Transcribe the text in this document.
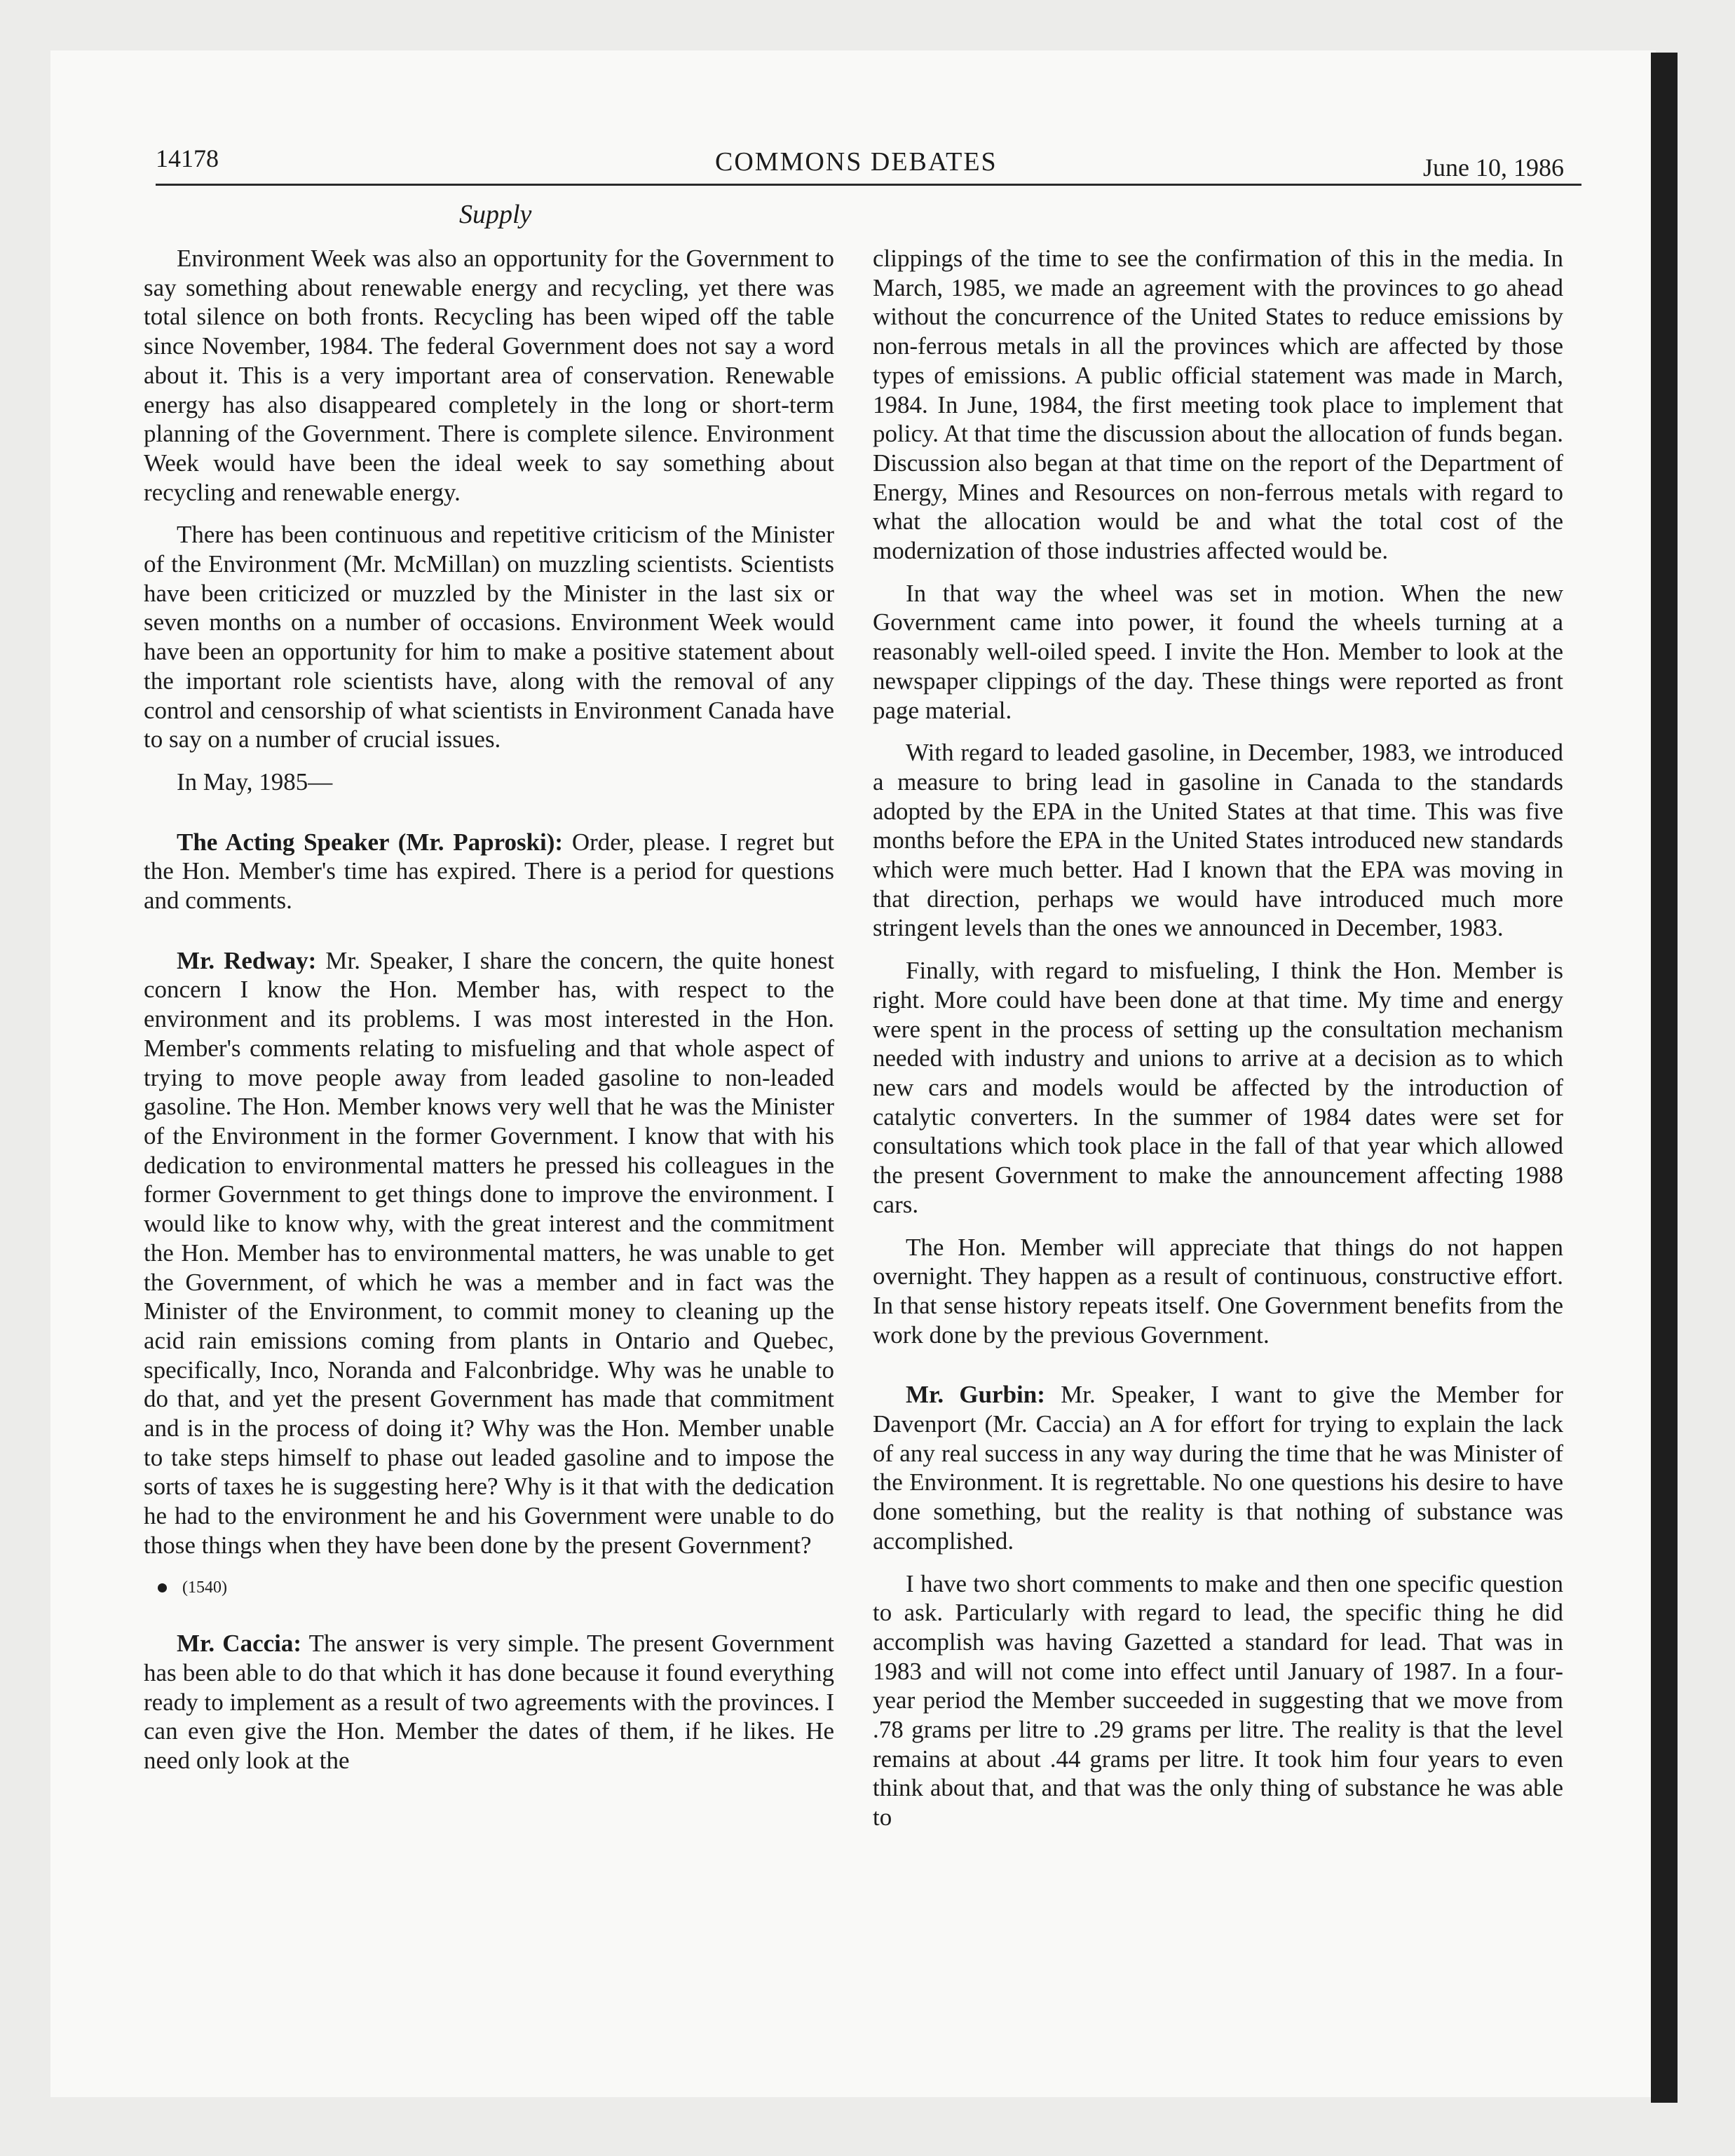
14178	COMMONS DEBATES	June 10, 1986
Supply

Environment Week was also an opportunity for the Government to say something about renewable energy and recycling, yet there was total silence on both fronts. Recycling has been wiped off the table since November, 1984. The federal Government does not say a word about it. This is a very important area of conservation. Renewable energy has also disappeared completely in the long or short-term planning of the Government. There is complete silence. Environment Week would have been the ideal week to say something about recycling and renewable energy.

There has been continuous and repetitive criticism of the Minister of the Environment (Mr. McMillan) on muzzling scientists. Scientists have been criticized or muzzled by the Minister in the last six or seven months on a number of occasions. Environment Week would have been an opportunity for him to make a positive statement about the important role scientists have, along with the removal of any control and censorship of what scientists in Environment Canada have to say on a number of crucial issues.

In May, 1985—

The Acting Speaker (Mr. Paproski): Order, please. I regret but the Hon. Member's time has expired. There is a period for questions and comments.

Mr. Redway: Mr. Speaker, I share the concern, the quite honest concern I know the Hon. Member has, with respect to the environment and its problems. I was most interested in the Hon. Member's comments relating to misfueling and that whole aspect of trying to move people away from leaded gasoline to non-leaded gasoline. The Hon. Member knows very well that he was the Minister of the Environment in the former Government. I know that with his dedication to environmental matters he pressed his colleagues in the former Government to get things done to improve the environment. I would like to know why, with the great interest and the commitment the Hon. Member has to environmental matters, he was unable to get the Government, of which he was a member and in fact was the Minister of the Environment, to commit money to cleaning up the acid rain emissions coming from plants in Ontario and Quebec, specifically, Inco, Noranda and Falconbridge. Why was he unable to do that, and yet the present Government has made that commitment and is in the process of doing it? Why was the Hon. Member unable to take steps himself to phase out leaded gasoline and to impose the sorts of taxes he is suggesting here? Why is it that with the dedication he had to the environment he and his Government were unable to do those things when they have been done by the present Government?

(1540)

Mr. Caccia: The answer is very simple. The present Government has been able to do that which it has done because it found everything ready to implement as a result of two agreements with the provinces. I can even give the Hon. Member the dates of them, if he likes. He need only look at the

clippings of the time to see the confirmation of this in the media. In March, 1985, we made an agreement with the provinces to go ahead without the concurrence of the United States to reduce emissions by non-ferrous metals in all the provinces which are affected by those types of emissions. A public official statement was made in March, 1984. In June, 1984, the first meeting took place to implement that policy. At that time the discussion about the allocation of funds began. Discussion also began at that time on the report of the Department of Energy, Mines and Resources on non-ferrous metals with regard to what the allocation would be and what the total cost of the modernization of those industries affected would be.

In that way the wheel was set in motion. When the new Government came into power, it found the wheels turning at a reasonably well-oiled speed. I invite the Hon. Member to look at the newspaper clippings of the day. These things were reported as front page material.

With regard to leaded gasoline, in December, 1983, we introduced a measure to bring lead in gasoline in Canada to the standards adopted by the EPA in the United States at that time. This was five months before the EPA in the United States introduced new standards which were much better. Had I known that the EPA was moving in that direction, perhaps we would have introduced much more stringent levels than the ones we announced in December, 1983.

Finally, with regard to misfueling, I think the Hon. Member is right. More could have been done at that time. My time and energy were spent in the process of setting up the consultation mechanism needed with industry and unions to arrive at a decision as to which new cars and models would be affected by the introduction of catalytic converters. In the summer of 1984 dates were set for consultations which took place in the fall of that year which allowed the present Government to make the announcement affecting 1988 cars.

The Hon. Member will appreciate that things do not happen overnight. They happen as a result of continuous, constructive effort. In that sense history repeats itself. One Government benefits from the work done by the previous Government.

Mr. Gurbin: Mr. Speaker, I want to give the Member for Davenport (Mr. Caccia) an A for effort for trying to explain the lack of any real success in any way during the time that he was Minister of the Environment. It is regrettable. No one questions his desire to have done something, but the reality is that nothing of substance was accomplished.

I have two short comments to make and then one specific question to ask. Particularly with regard to lead, the specific thing he did accomplish was having Gazetted a standard for lead. That was in 1983 and will not come into effect until January of 1987. In a four-year period the Member succeeded in suggesting that we move from .78 grams per litre to .29 grams per litre. The reality is that the level remains at about .44 grams per litre. It took him four years to even think about that, and that was the only thing of substance he was able to
